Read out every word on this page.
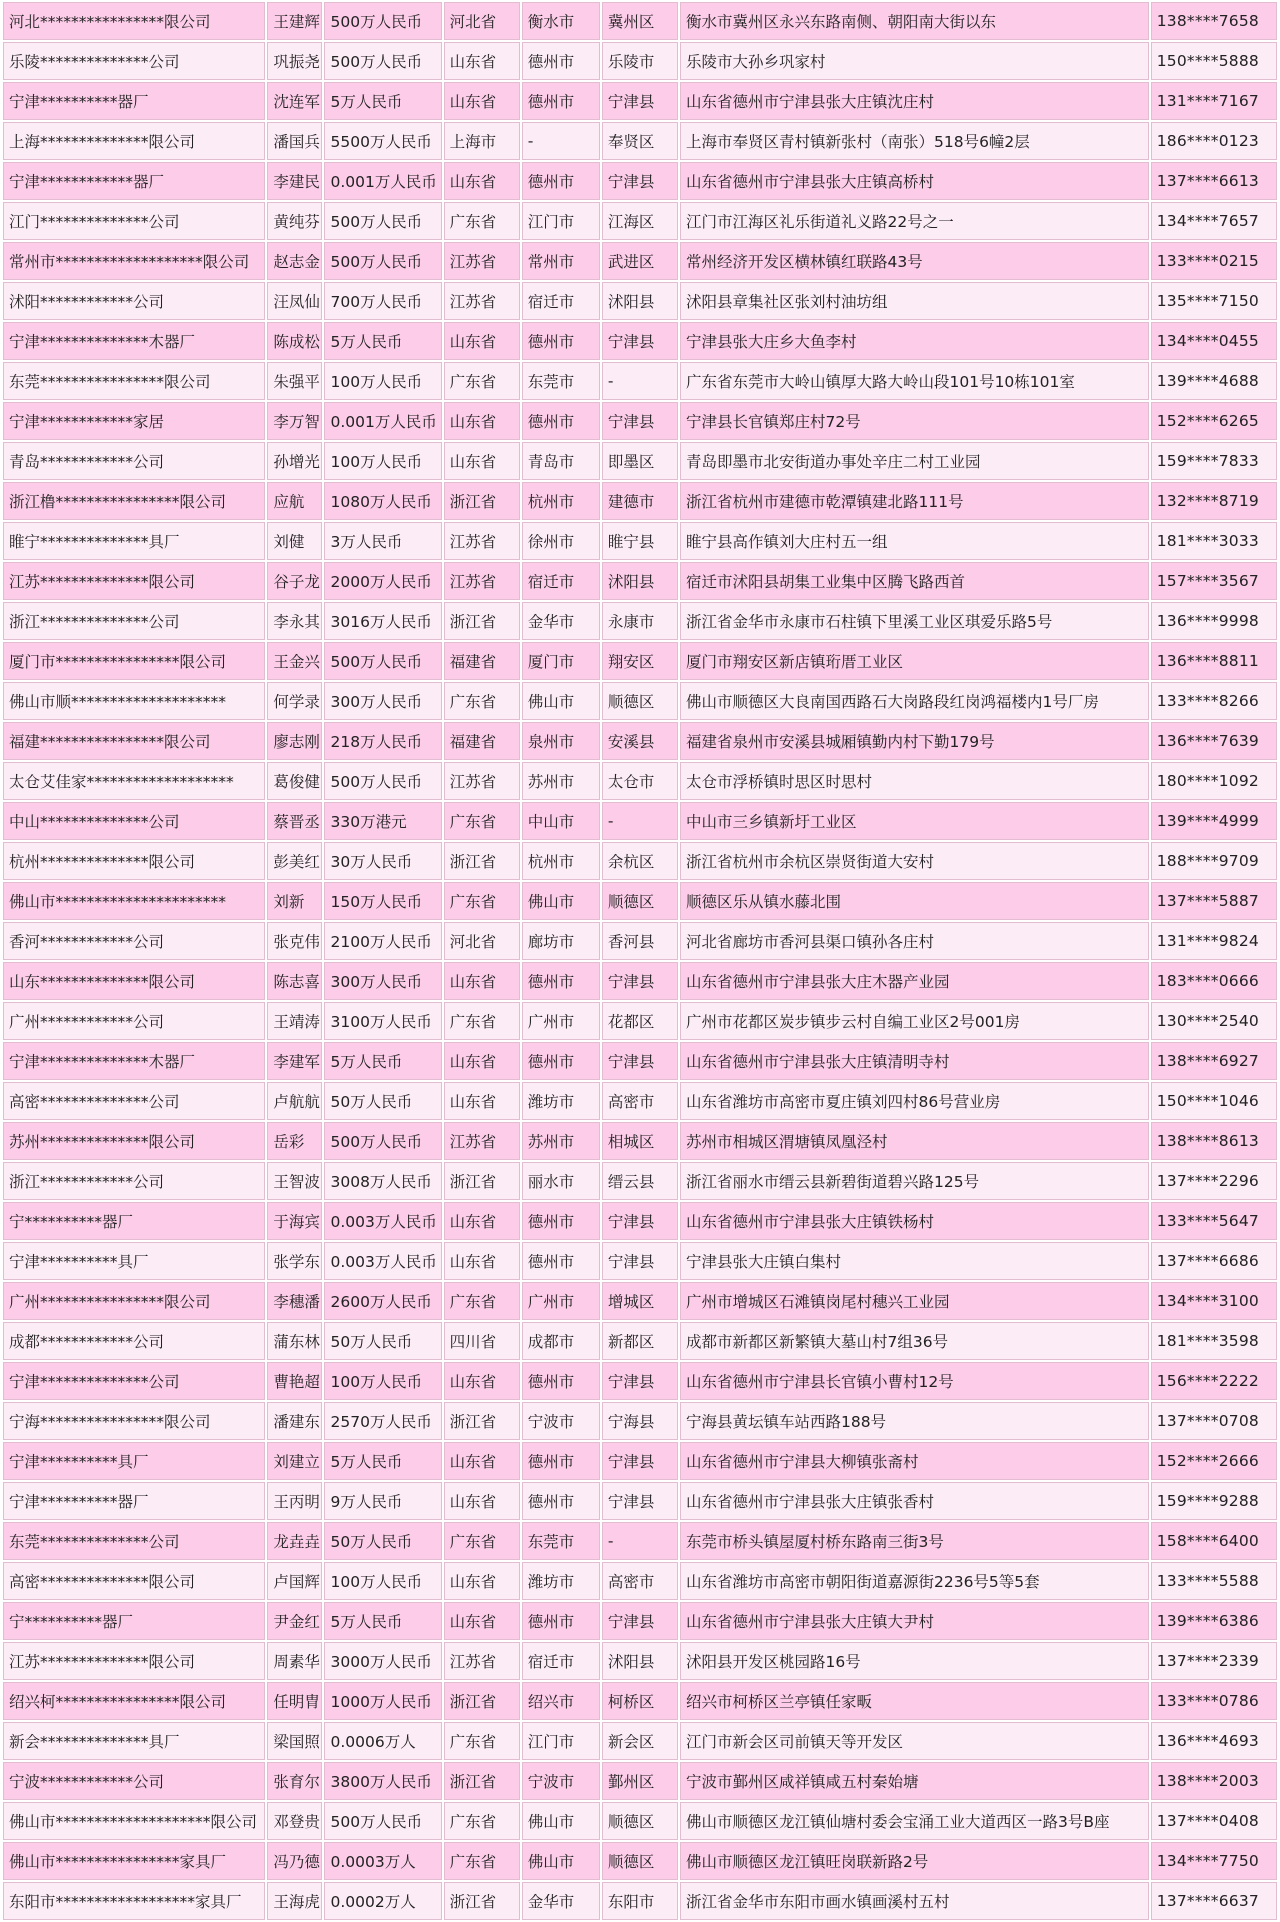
河北****************限公司	王建辉	500万人民币	河北省	衡水市	冀州区	衡水市冀州区永兴东路南侧、朝阳南大街以东	138****7658
乐陵**************公司	巩振尧	500万人民币	山东省	德州市	乐陵市	乐陵市大孙乡巩家村	150****5888
宁津**********器厂	沈连军	5万人民币	山东省	德州市	宁津县	山东省德州市宁津县张大庄镇沈庄村	131****7167
上海**************限公司	潘国兵	5500万人民币	上海市	-	奉贤区	上海市奉贤区青村镇新张村（南张）518号6幢2层	186****0123
宁津************器厂	李建民	0.001万人民币	山东省	德州市	宁津县	山东省德州市宁津县张大庄镇高桥村	137****6613
江门**************公司	黄纯芬	500万人民币	广东省	江门市	江海区	江门市江海区礼乐街道礼义路22号之一	134****7657
常州市*******************限公司	赵志金	500万人民币	江苏省	常州市	武进区	常州经济开发区横林镇红联路43号	133****0215
沭阳************公司	汪凤仙	700万人民币	江苏省	宿迁市	沭阳县	沭阳县章集社区张刘村油坊组	135****7150
宁津**************木器厂	陈成松	5万人民币	山东省	德州市	宁津县	宁津县张大庄乡大鱼李村	134****0455
东莞****************限公司	朱强平	100万人民币	广东省	东莞市	-	广东省东莞市大岭山镇厚大路大岭山段101号10栋101室	139****4688
宁津************家居	李万智	0.001万人民币	山东省	德州市	宁津县	宁津县长官镇郑庄村72号	152****6265
青岛************公司	孙增光	100万人民币	山东省	青岛市	即墨区	青岛即墨市北安街道办事处辛庄二村工业园	159****7833
浙江橹****************限公司	应航	1080万人民币	浙江省	杭州市	建德市	浙江省杭州市建德市乾潭镇建北路111号	132****8719
睢宁**************具厂	刘健	3万人民币	江苏省	徐州市	睢宁县	睢宁县高作镇刘大庄村五一组	181****3033
江苏**************限公司	谷子龙	2000万人民币	江苏省	宿迁市	沭阳县	宿迁市沭阳县胡集工业集中区腾飞路西首	157****3567
浙江**************公司	李永其	3016万人民币	浙江省	金华市	永康市	浙江省金华市永康市石柱镇下里溪工业区琪爱乐路5号	136****9998
厦门市****************限公司	王金兴	500万人民币	福建省	厦门市	翔安区	厦门市翔安区新店镇珩厝工业区	136****8811
佛山市顺********************	何学录	300万人民币	广东省	佛山市	顺德区	佛山市顺德区大良南国西路石大岗路段红岗鸿福楼内1号厂房	133****8266
福建****************限公司	廖志刚	218万人民币	福建省	泉州市	安溪县	福建省泉州市安溪县城厢镇勤内村下勤179号	136****7639
太仓艾佳家*******************	葛俊健	500万人民币	江苏省	苏州市	太仓市	太仓市浮桥镇时思区时思村	180****1092
中山**************公司	蔡晋丞	330万港元	广东省	中山市	-	中山市三乡镇新圩工业区	139****4999
杭州**************限公司	彭美红	30万人民币	浙江省	杭州市	余杭区	浙江省杭州市余杭区崇贤街道大安村	188****9709
佛山市**********************	刘新	150万人民币	广东省	佛山市	顺德区	顺德区乐从镇水藤北围	137****5887
香河************公司	张克伟	2100万人民币	河北省	廊坊市	香河县	河北省廊坊市香河县渠口镇孙各庄村	131****9824
山东**************限公司	陈志喜	300万人民币	山东省	德州市	宁津县	山东省德州市宁津县张大庄木器产业园	183****0666
广州************公司	王靖涛	3100万人民币	广东省	广州市	花都区	广州市花都区炭步镇步云村自编工业区2号001房	130****2540
宁津**************木器厂	李建军	5万人民币	山东省	德州市	宁津县	山东省德州市宁津县张大庄镇清明寺村	138****6927
高密**************公司	卢航航	50万人民币	山东省	潍坊市	高密市	山东省潍坊市高密市夏庄镇刘四村86号营业房	150****1046
苏州**************限公司	岳彩	500万人民币	江苏省	苏州市	相城区	苏州市相城区渭塘镇凤凰泾村	138****8613
浙江************公司	王智波	3008万人民币	浙江省	丽水市	缙云县	浙江省丽水市缙云县新碧街道碧兴路125号	137****2296
宁**********器厂	于海宾	0.003万人民币	山东省	德州市	宁津县	山东省德州市宁津县张大庄镇铁杨村	133****5647
宁津**********具厂	张学东	0.003万人民币	山东省	德州市	宁津县	宁津县张大庄镇白集村	137****6686
广州****************限公司	李穗潘	2600万人民币	广东省	广州市	增城区	广州市增城区石滩镇岗尾村穗兴工业园	134****3100
成都************公司	蒲东林	50万人民币	四川省	成都市	新都区	成都市新都区新繁镇大墓山村7组36号	181****3598
宁津**************公司	曹艳超	100万人民币	山东省	德州市	宁津县	山东省德州市宁津县长官镇小曹村12号	156****2222
宁海****************限公司	潘建东	2570万人民币	浙江省	宁波市	宁海县	宁海县黄坛镇车站西路188号	137****0708
宁津**********具厂	刘建立	5万人民币	山东省	德州市	宁津县	山东省德州市宁津县大柳镇张斋村	152****2666
宁津**********器厂	王丙明	9万人民币	山东省	德州市	宁津县	山东省德州市宁津县张大庄镇张香村	159****9288
东莞**************公司	龙垚垚	50万人民币	广东省	东莞市	-	东莞市桥头镇屋厦村桥东路南三街3号	158****6400
高密**************限公司	卢国辉	100万人民币	山东省	潍坊市	高密市	山东省潍坊市高密市朝阳街道嘉源街2236号5等5套	133****5588
宁**********器厂	尹金红	5万人民币	山东省	德州市	宁津县	山东省德州市宁津县张大庄镇大尹村	139****6386
江苏**************限公司	周素华	3000万人民币	江苏省	宿迁市	沭阳县	沭阳县开发区桃园路16号	137****2339
绍兴柯****************限公司	任明胄	1000万人民币	浙江省	绍兴市	柯桥区	绍兴市柯桥区兰亭镇任家畈	133****0786
新会**************具厂	梁国照	0.0006万人	广东省	江门市	新会区	江门市新会区司前镇天等开发区	136****4693
宁波************公司	张育尔	3800万人民币	浙江省	宁波市	鄞州区	宁波市鄞州区咸祥镇咸五村秦始塘	138****2003
佛山市********************限公司	邓登贵	500万人民币	广东省	佛山市	顺德区	佛山市顺德区龙江镇仙塘村委会宝涌工业大道西区一路3号B座	137****0408
佛山市****************家具厂	冯乃德	0.0003万人	广东省	佛山市	顺德区	佛山市顺德区龙江镇旺岗联新路2号	134****7750
东阳市******************家具厂	王海虎	0.0002万人	浙江省	金华市	东阳市	浙江省金华市东阳市画水镇画溪村五村	137****6637
